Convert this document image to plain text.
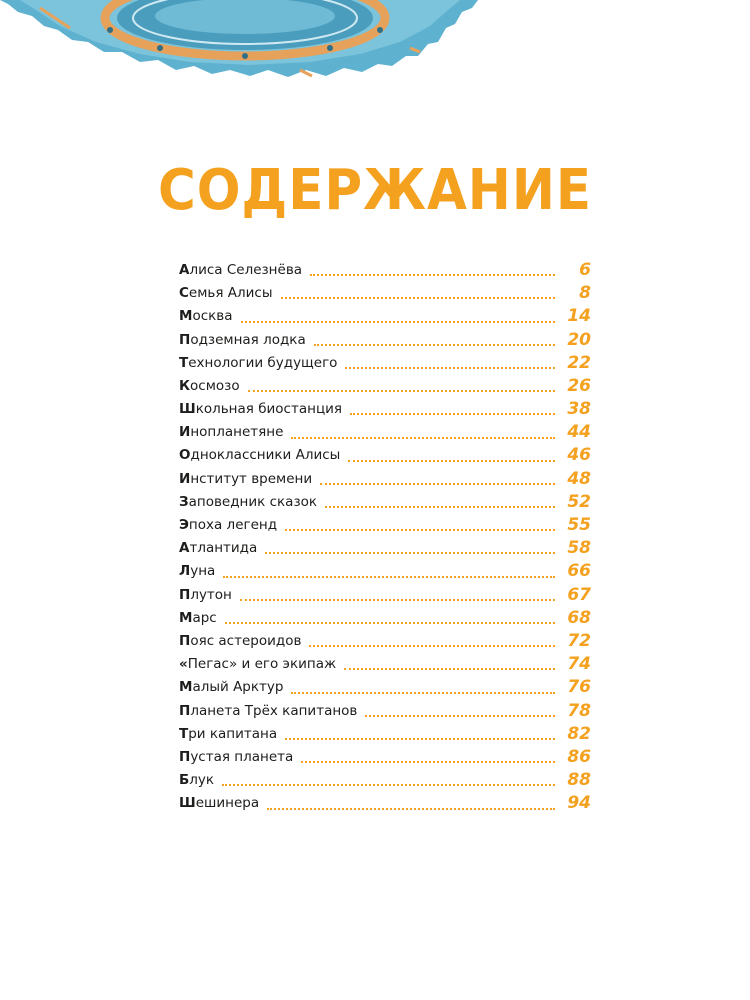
СОДЕРЖАНИЕ
Алиса Селезнёва	6
Семья Алисы	8
Москва	14
Подземная лодка	20
Технологии будущего	22
Космозо	26
Школьная биостанция	38
Инопланетяне	44
Одноклассники Алисы	46
Институт времени	48
Заповедник сказок	52
Эпоха легенд	55
Атлантида	58
Луна	66
Плутон	67
Марс	68
Пояс астероидов	72
«Пегас» и его экипаж	74
Малый Арктур	76
Планета Трёх капитанов	78
Три капитана	82
Пустая планета	86
Блук	88
Шешинера	94
